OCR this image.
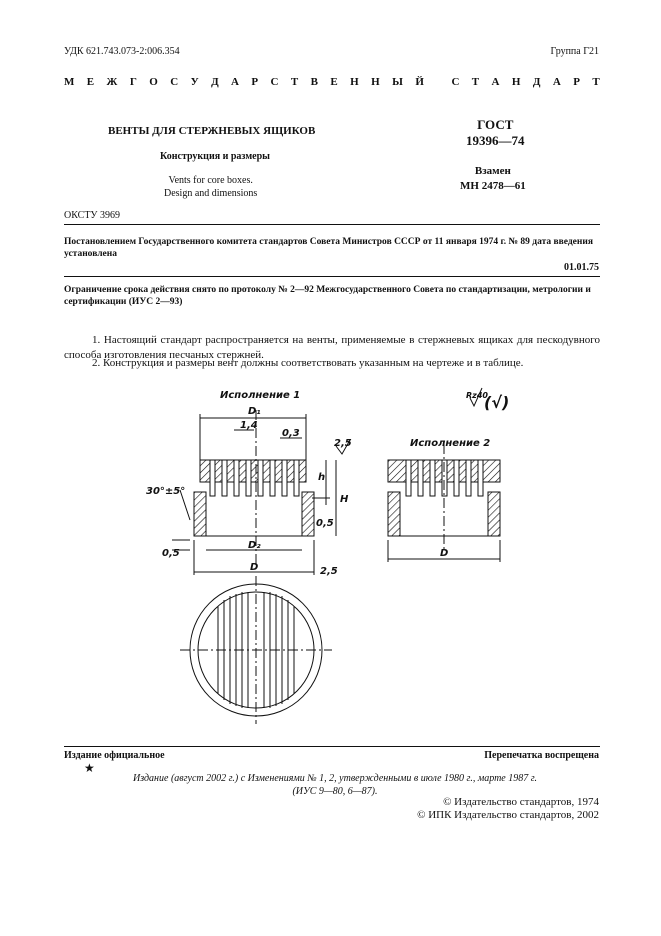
УДК 621.743.073-2:006.354	Группа Г21
М Е Ж Г О С У Д А Р С Т В Е Н Н Ы Й
	С Т А Н Д А Р Т
ВЕНТЫ ДЛЯ СТЕРЖНЕВЫХ ЯЩИКОВ	ГОСТ
19396—74
Конструкция и размеры
Vents for core boxes.
Design and dimensions
Взамен
МН 2478—61
ОКСТУ 3969
Постановлением Государственного комитета стандартов Совета Министров СССР от 11 января 1974 г. № 89 дата введения установлена
01.01.75
Ограничение срока действия снято по протоколу № 2—92 Межгосударственного Совета по стандартизации, метрологии и сертификации (ИУС 2—93)
1. Настоящий стандарт распространяется на венты, применяемые в стержневых ящиках для пескодувного способа изготовления песчаных стержней.
2. Конструкция и размеры вент должны соответствовать указанным на чертеже и в таблице.
Исполнение 1
Исполнение 2
Rz40
(√)
D₁
1,4
0,3
2,5
h
H
0,5
0,5
D₂
D
D
2,5
30°±5°
Издание официальное	Перепечатка воспрещена
★
Издание (август 2002 г.) с Изменениями № 1, 2, утвержденными в июле 1980 г., марте 1987 г.
(ИУС 9—80, 6—87).
© Издательство стандартов, 1974
© ИПК Издательство стандартов, 2002
